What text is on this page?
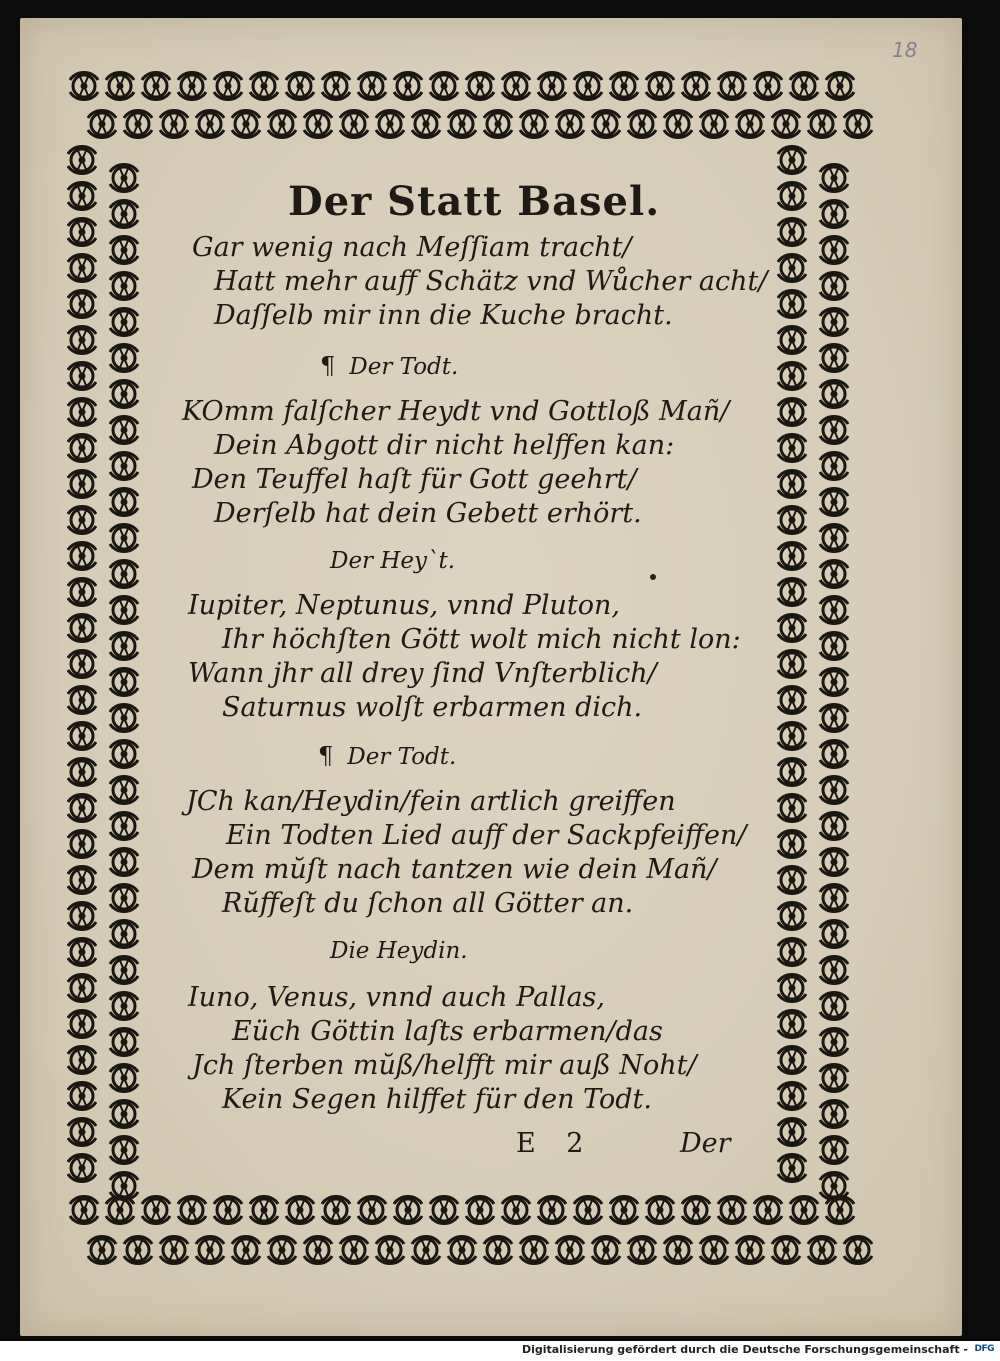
18
Der Statt Basel.
Gar wenig nach Meſſiam tracht/
Hatt mehr auff Schätz vnd Wůcher acht/
Daſſelb mir inn die Kuche bracht.
¶ Der Todt.
KOmm falſcher Heydt vnd Gottloß Mañ/
Dein Abgott dir nicht helffen kan:
Den Teuffel haſt für Gott geehrt/
Derſelb hat dein Gebett erhört.
Der Hey`t.
Iupiter, Neptunus, vnnd Pluton,
Ihr höchſten Gött wolt mich nicht lon:
Wann jhr all drey ſind Vnſterblich/
Saturnus wolſt erbarmen dich.
¶ Der Todt.
JCh kan/Heydin/fein artlich greiffen
Ein Todten Lied auff der Sackpfeiffen/
Dem mŭſt nach tantzen wie dein Mañ/
Rŭffeſt du ſchon all Götter an.
Die Heydin.
Iuno, Venus, vnnd auch Pallas,
Eüch Göttin laſts erbarmen/das
Jch ſterben mŭß/helfft mir auß Noht/
Kein Segen hilffet für den Todt.
E 2	Der
Digitalisierung gefördert durch die Deutsche Forschungsgemeinschaft - DFG
